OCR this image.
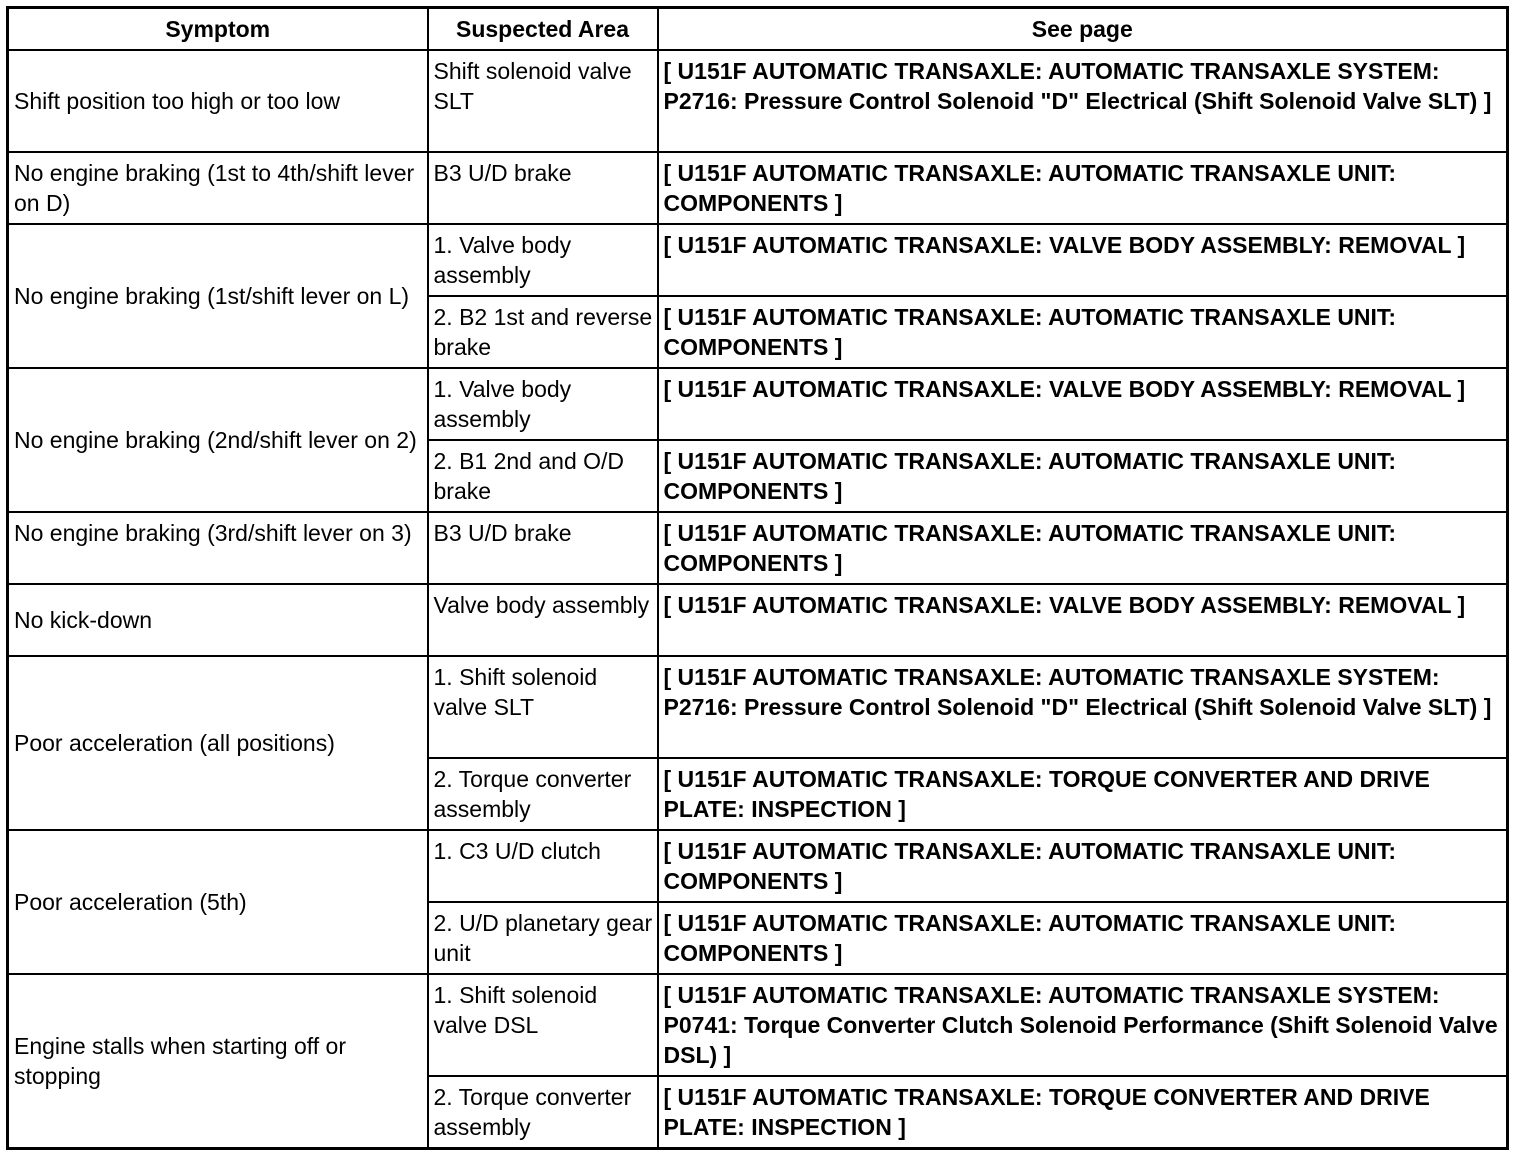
Symptom	Suspected Area	See page
Shift position too high or too low	Shift solenoid valve SLT	[ U151F AUTOMATIC TRANSAXLE: AUTOMATIC TRANSAXLE SYSTEM: P2716: Pressure Control Solenoid "D" Electrical (Shift Solenoid Valve SLT) ]
No engine braking (1st to 4th/shift lever on D)	B3 U/D brake	[ U151F AUTOMATIC TRANSAXLE: AUTOMATIC TRANSAXLE UNIT: COMPONENTS ]
No engine braking (1st/shift lever on L)	1. Valve body assembly	[ U151F AUTOMATIC TRANSAXLE: VALVE BODY ASSEMBLY: REMOVAL ]
	2. B2 1st and reverse brake	[ U151F AUTOMATIC TRANSAXLE: AUTOMATIC TRANSAXLE UNIT: COMPONENTS ]
No engine braking (2nd/shift lever on 2)	1. Valve body assembly	[ U151F AUTOMATIC TRANSAXLE: VALVE BODY ASSEMBLY: REMOVAL ]
	2. B1 2nd and O/D brake	[ U151F AUTOMATIC TRANSAXLE: AUTOMATIC TRANSAXLE UNIT: COMPONENTS ]
No engine braking (3rd/shift lever on 3)	B3 U/D brake	[ U151F AUTOMATIC TRANSAXLE: AUTOMATIC TRANSAXLE UNIT: COMPONENTS ]
No kick-down	Valve body assembly	[ U151F AUTOMATIC TRANSAXLE: VALVE BODY ASSEMBLY: REMOVAL ]
Poor acceleration (all positions)	1. Shift solenoid valve SLT	[ U151F AUTOMATIC TRANSAXLE: AUTOMATIC TRANSAXLE SYSTEM: P2716: Pressure Control Solenoid "D" Electrical (Shift Solenoid Valve SLT) ]
	2. Torque converter assembly	[ U151F AUTOMATIC TRANSAXLE: TORQUE CONVERTER AND DRIVE PLATE: INSPECTION ]
Poor acceleration (5th)	1. C3 U/D clutch	[ U151F AUTOMATIC TRANSAXLE: AUTOMATIC TRANSAXLE UNIT: COMPONENTS ]
	2. U/D planetary gear unit	[ U151F AUTOMATIC TRANSAXLE: AUTOMATIC TRANSAXLE UNIT: COMPONENTS ]
Engine stalls when starting off or stopping	1. Shift solenoid valve DSL	[ U151F AUTOMATIC TRANSAXLE: AUTOMATIC TRANSAXLE SYSTEM: P0741: Torque Converter Clutch Solenoid Performance (Shift Solenoid Valve DSL) ]
	2. Torque converter assembly	[ U151F AUTOMATIC TRANSAXLE: TORQUE CONVERTER AND DRIVE PLATE: INSPECTION ]
